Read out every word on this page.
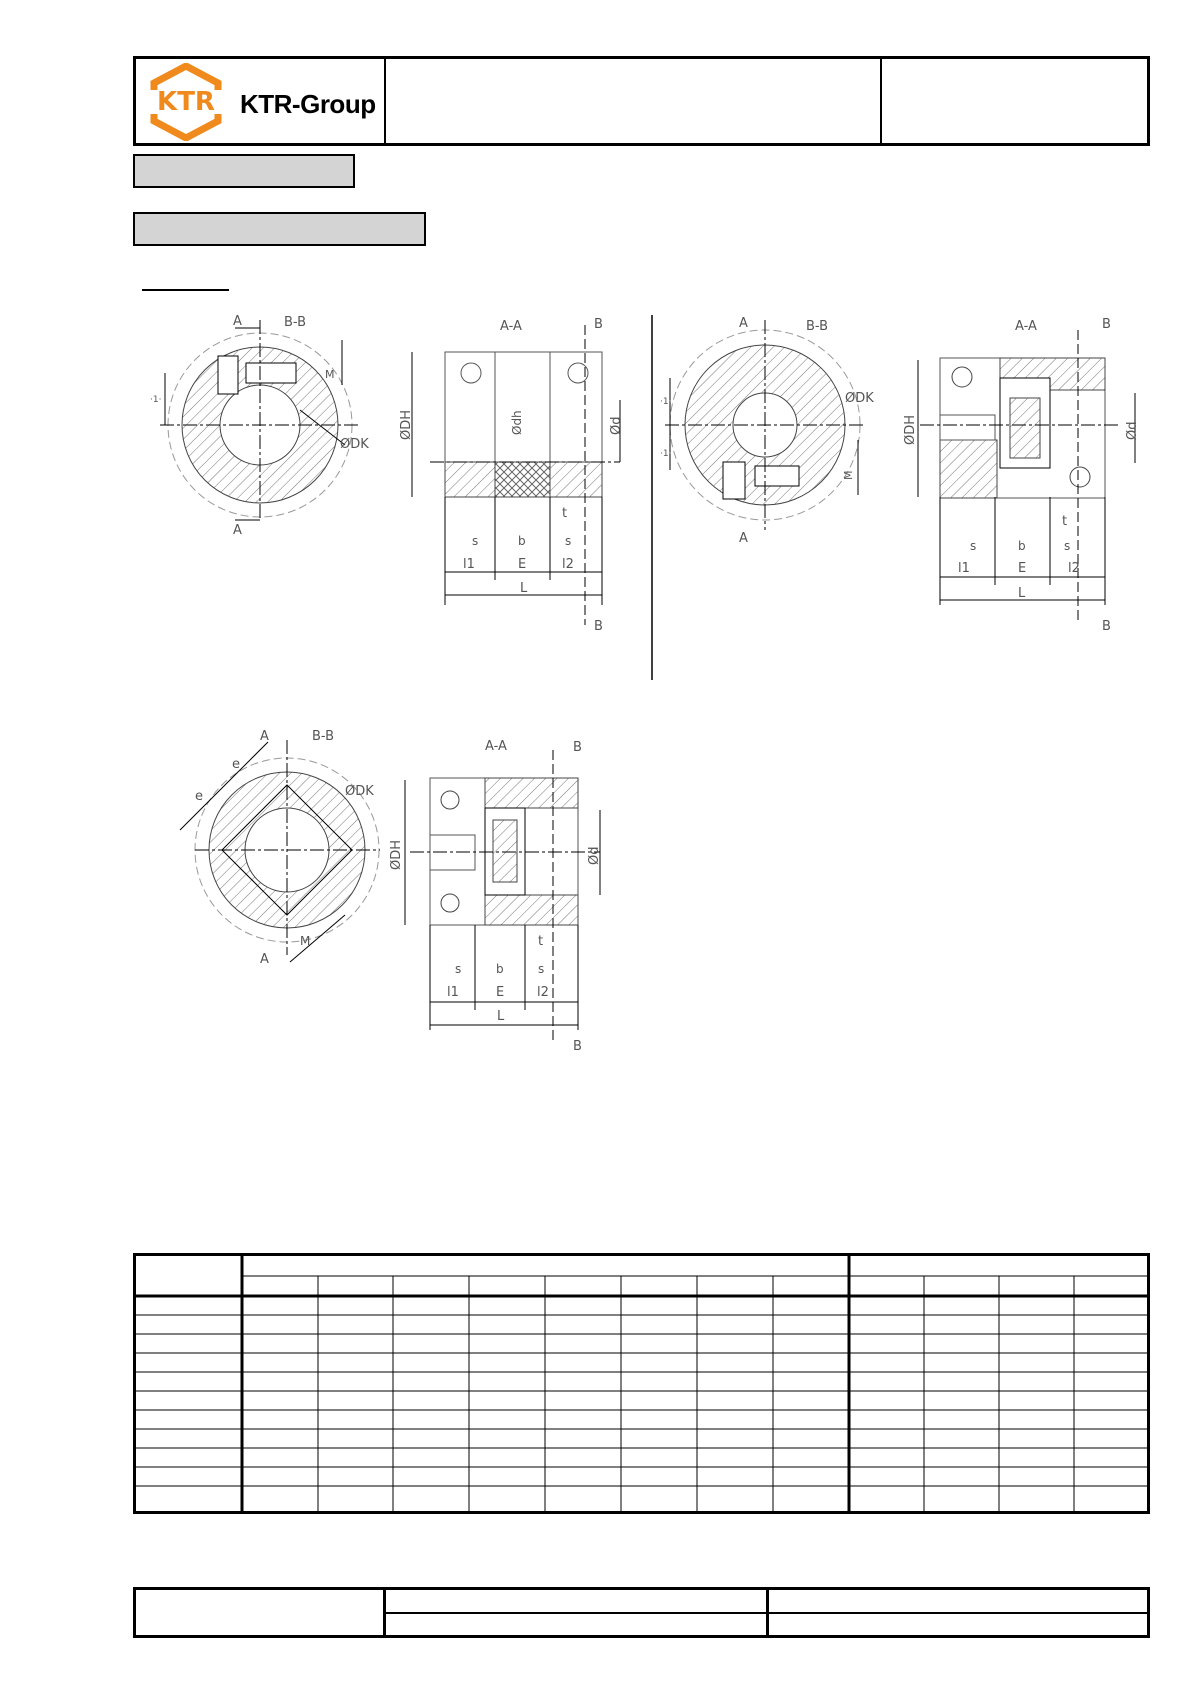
KTR KTR-Group
A	B-B
A
ØDK
·1·
M
A-A	B
B
ØDH	Ød
Ødh
t
s	b	s
l1	E	l2
L
A	B-B
A
ØDK
·1·
·1·
M
A-A	B
B
ØDH	Ød
t
s	b	s
l1	E	l2
L
A	B-B
A
ØDK
e
e
M
A-A	B
B
ØDH	Ød
t
s	b	s
l1	E	l2
L
